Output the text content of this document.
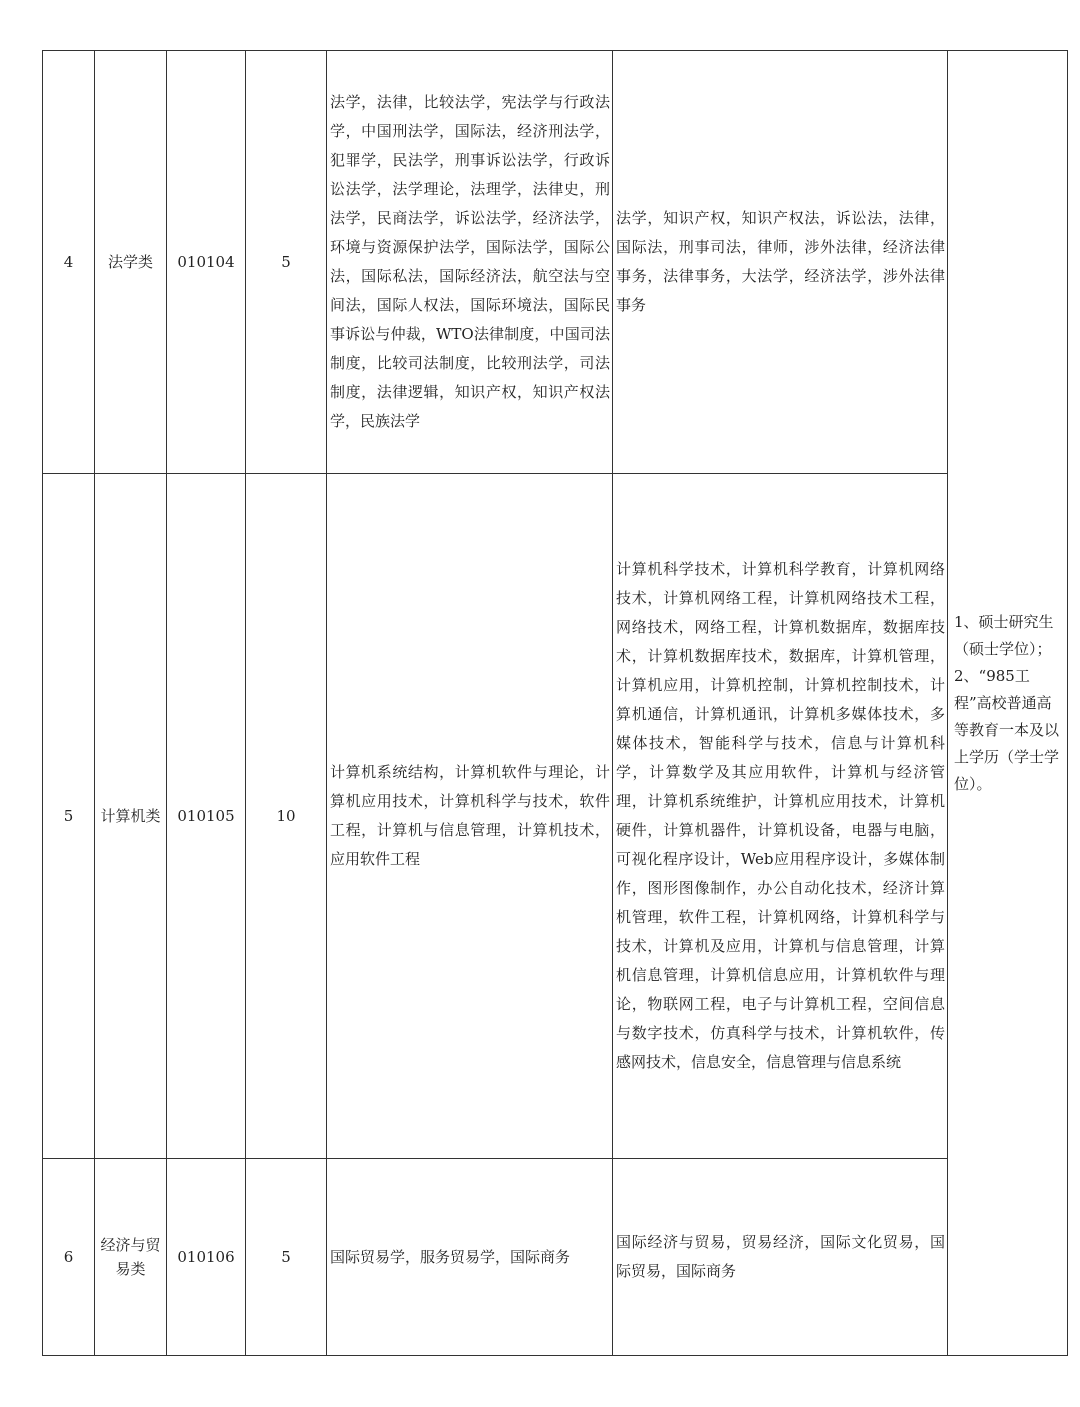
4	法学类	010104	5	法学，法律，比较法学，宪法学与行政法学，中国刑法学，国际法，经济刑法学，犯罪学，民法学，刑事诉讼法学，行政诉讼法学，法学理论，法理学，法律史，刑法学，民商法学，诉讼法学，经济法学，环境与资源保护法学，国际法学，国际公法，国际私法，国际经济法，航空法与空间法，国际人权法，国际环境法，国际民事诉讼与仲裁，WTO法律制度，中国司法制度，比较司法制度，比较刑法学，司法制度，法律逻辑，知识产权，知识产权法学，民族法学	法学，知识产权，知识产权法，诉讼法，法律，国际法，刑事司法，律师，涉外法律，经济法律事务，法律事务，大法学，经济法学，涉外法律事务	1、硕士研究生（硕士学位）；2、“985工程”高校普通高等教育一本及以上学历（学士学位）。

5	计算机类	010105	10	计算机系统结构，计算机软件与理论，计算机应用技术，计算机科学与技术，软件工程，计算机与信息管理，计算机技术，应用软件工程	计算机科学技术，计算机科学教育，计算机网络技术，计算机网络工程，计算机网络技术工程，网络技术，网络工程，计算机数据库，数据库技术，计算机数据库技术，数据库，计算机管理，计算机应用，计算机控制，计算机控制技术，计算机通信，计算机通讯，计算机多媒体技术，多媒体技术，智能科学与技术，信息与计算机科学，计算数学及其应用软件，计算机与经济管理，计算机系统维护，计算机应用技术，计算机硬件，计算机器件，计算机设备，电器与电脑，可视化程序设计，Web应用程序设计，多媒体制作，图形图像制作，办公自动化技术，经济计算机管理，软件工程，计算机网络，计算机科学与技术，计算机及应用，计算机与信息管理，计算机信息管理，计算机信息应用，计算机软件与理论，物联网工程，电子与计算机工程，空间信息与数字技术，仿真科学与技术，计算机软件，传感网技术，信息安全，信息管理与信息系统	

6	经济与贸易类	010106	5	国际贸易学，服务贸易学，国际商务	国际经济与贸易，贸易经济，国际文化贸易，国际贸易，国际商务	
